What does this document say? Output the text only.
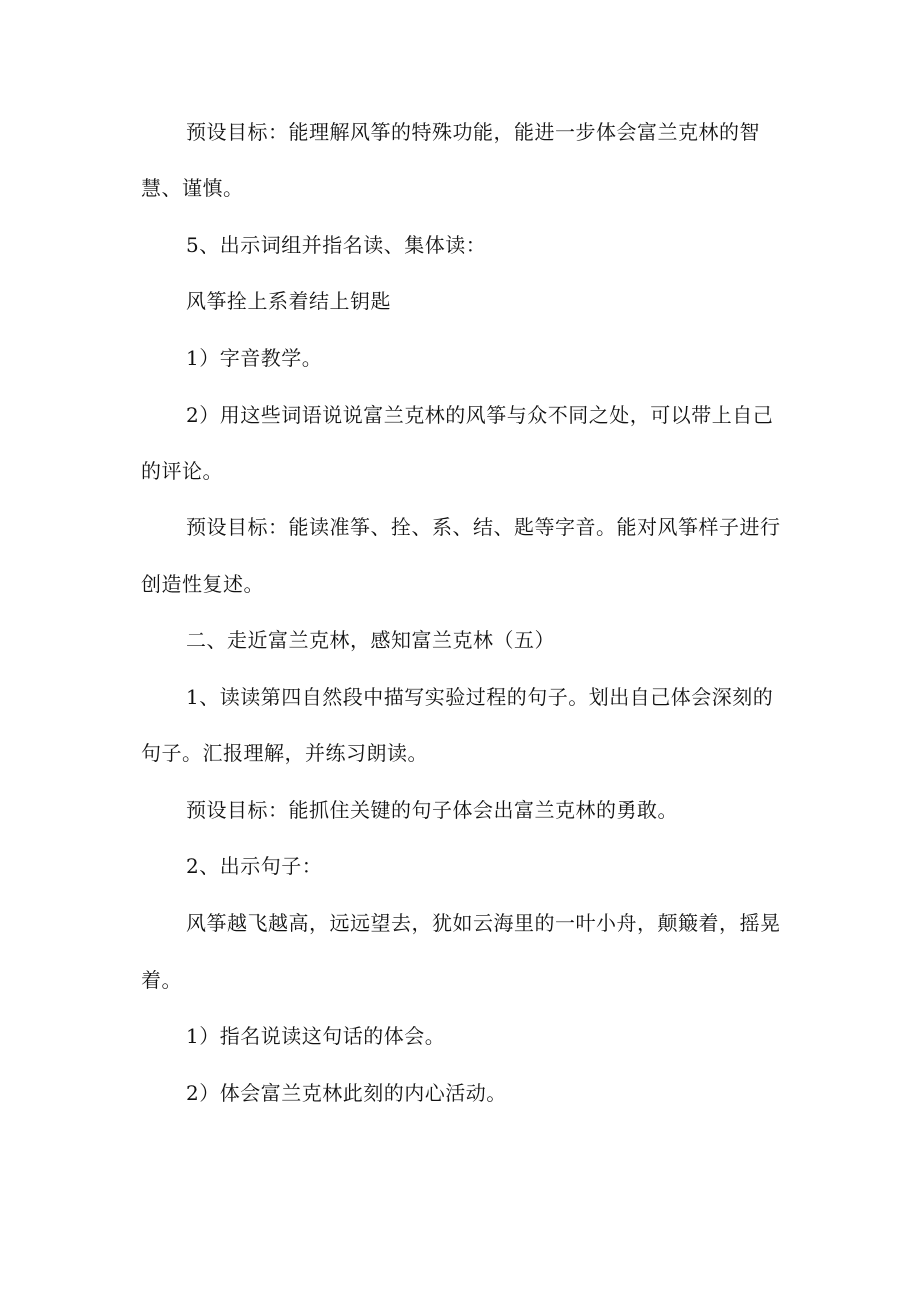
预设目标：能理解风筝的特殊功能，能进一步体会富兰克林的智
慧、谨慎。
5、出示词组并指名读、集体读：
风筝拴上系着结上钥匙
1）字音教学。
2）用这些词语说说富兰克林的风筝与众不同之处，可以带上自己
的评论。
预设目标：能读准筝、拴、系、结、匙等字音。能对风筝样子进行
创造性复述。
二、走近富兰克林，感知富兰克林（五）
1、读读第四自然段中描写实验过程的句子。划出自己体会深刻的
句子。汇报理解，并练习朗读。
预设目标：能抓住关键的句子体会出富兰克林的勇敢。
2、出示句子：
风筝越飞越高，远远望去，犹如云海里的一叶小舟，颠簸着，摇晃
着。
1）指名说读这句话的体会。
2）体会富兰克林此刻的内心活动。
